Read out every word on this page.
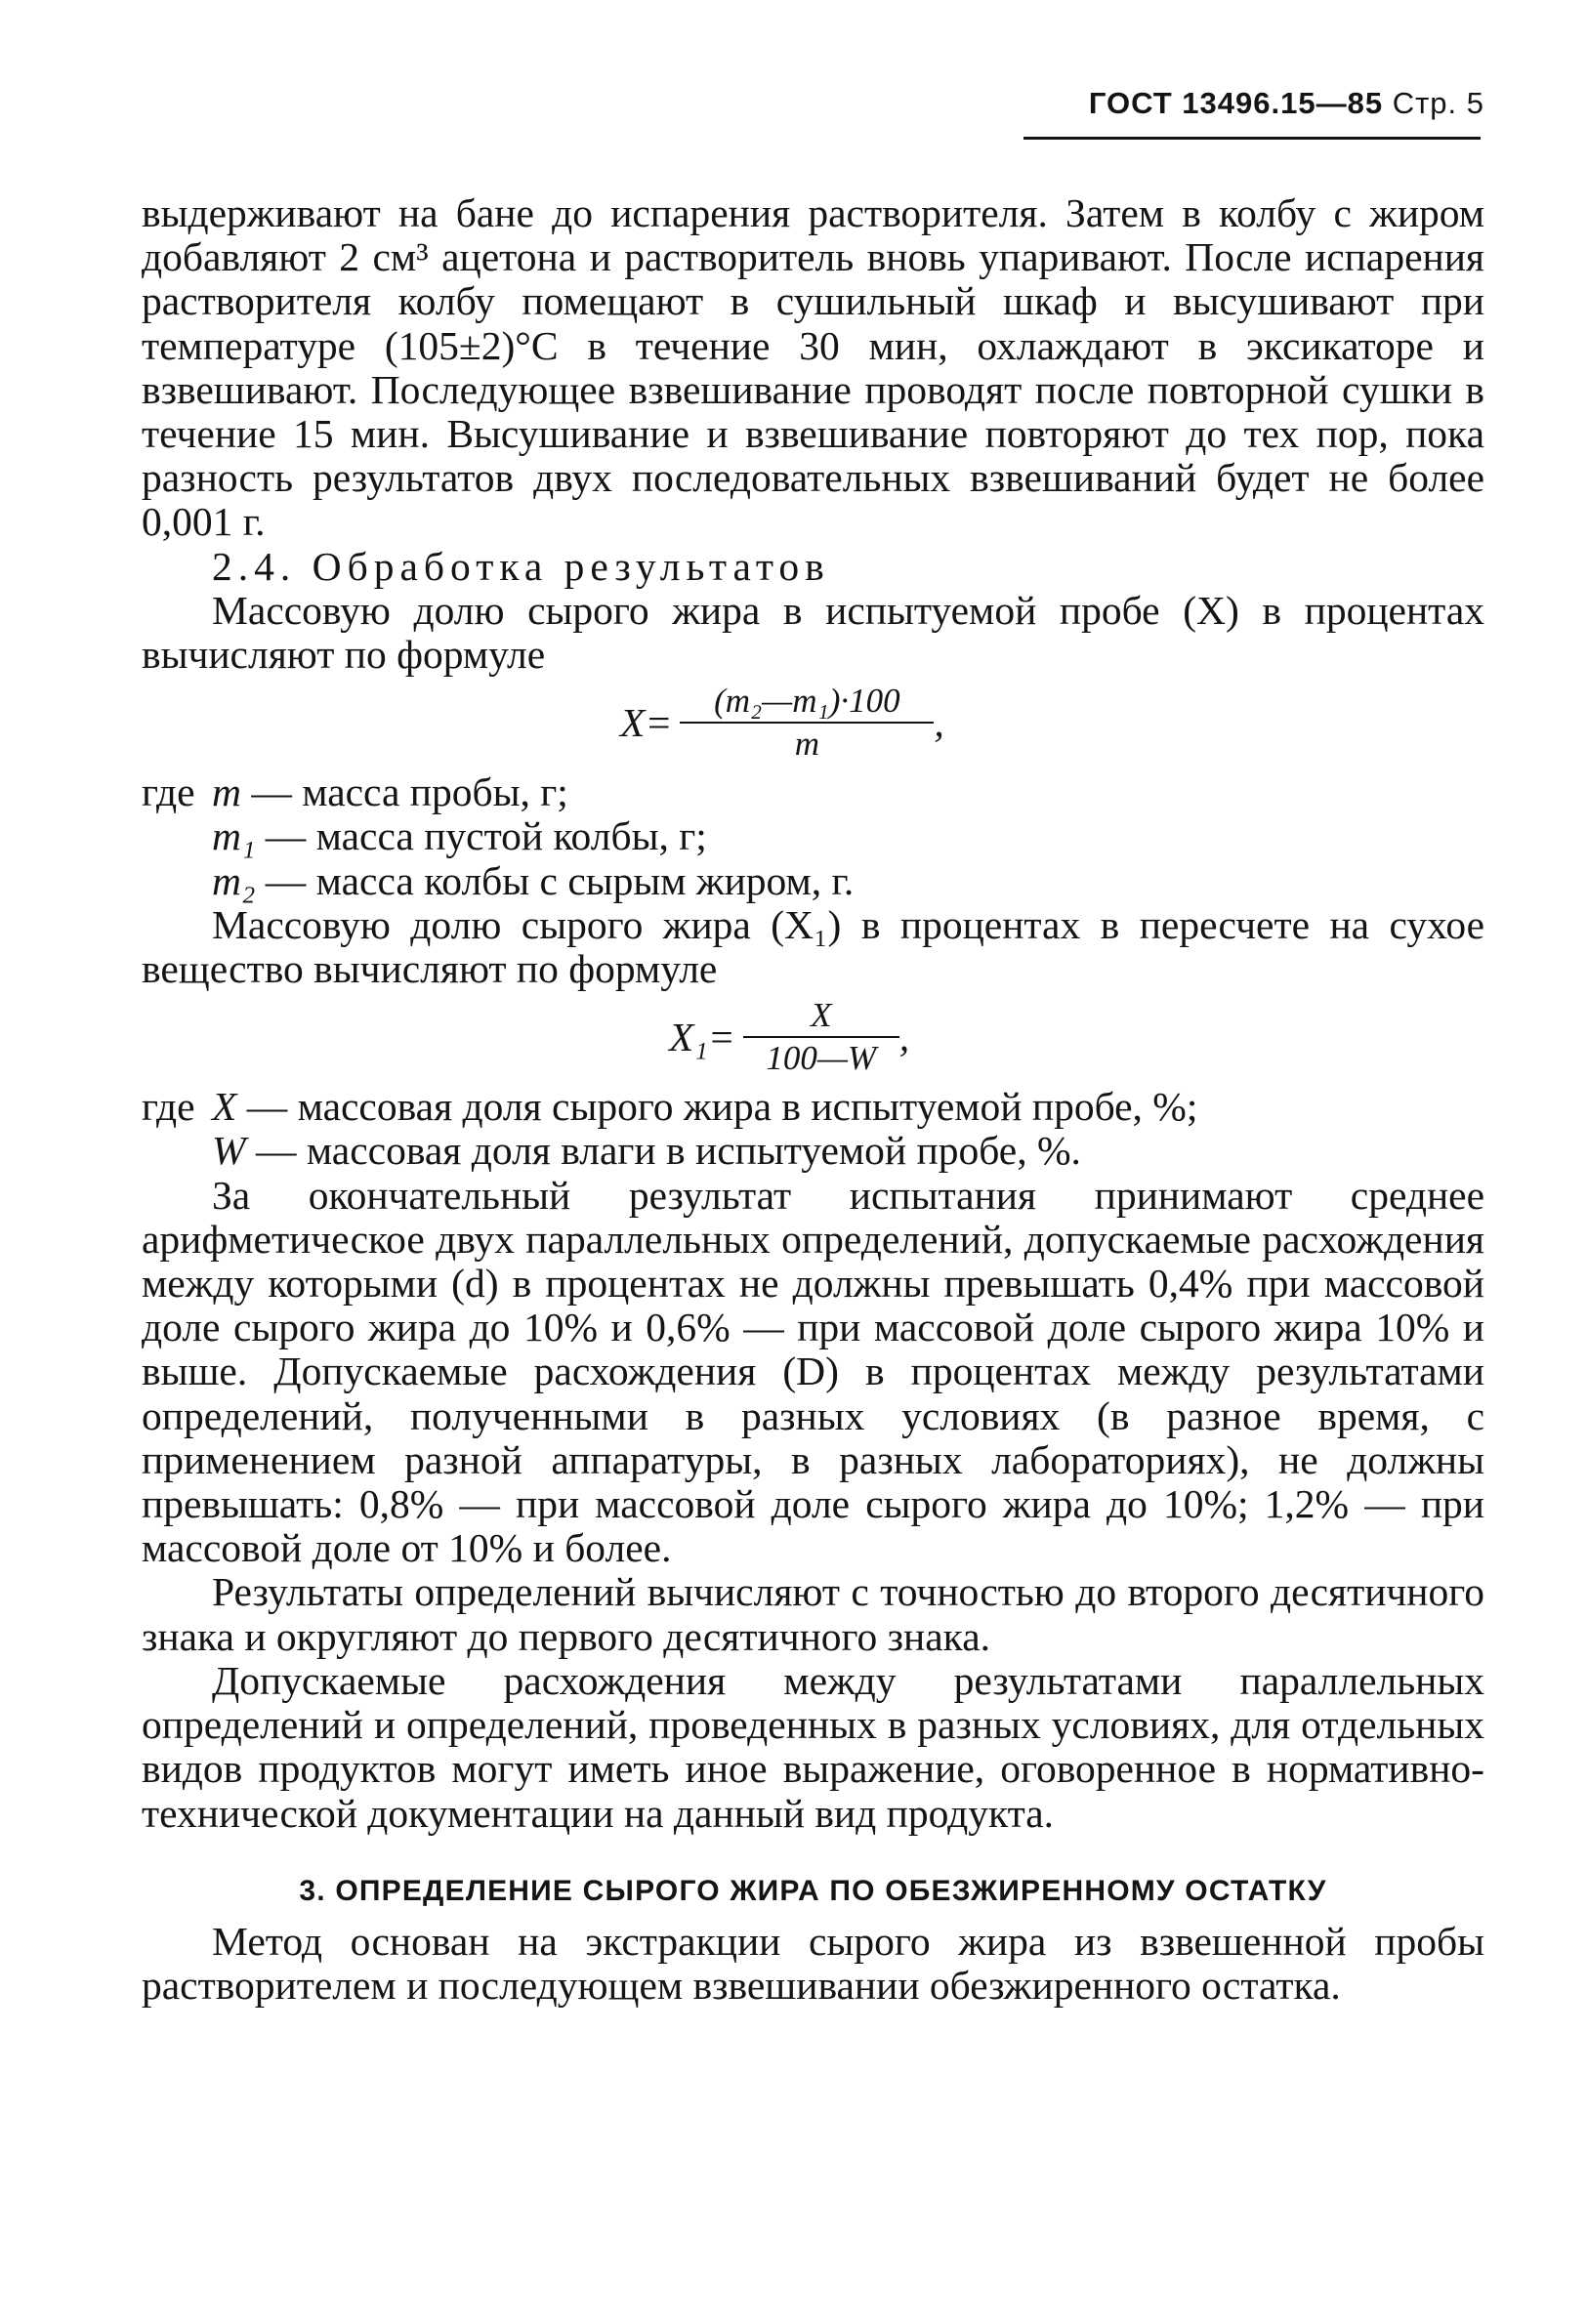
ГОСТ 13496.15—85 Стр. 5

выдерживают на бане до испарения растворителя. Затем в колбу с жиром добавляют 2 см³ ацетона и растворитель вновь упаривают. После испарения растворителя колбу помещают в сушильный шкаф и высушивают при температуре (105±2)°C в течение 30 мин, охлаждают в эксикаторе и взвешивают. Последующее взвешивание проводят после повторной сушки в течение 15 мин. Высушивание и взвешивание повторяют до тех пор, пока разность результатов двух последовательных взвешиваний будет не более 0,001 г.

2.4. Обработка результатов

Массовую долю сырого жира в испытуемой пробе (X) в процентах вычисляют по формуле

$X= \frac{\text{(m₂—m₁)·100}}{m}$ ,
где m
— масса пробы, г;
m₁
— масса пустой колбы, г;
m₂
— масса колбы с сырым жиром, г.

Массовую долю сырого жира (X₁) в процентах в пересчете на сухое вещество вычисляют по формуле

$X_1= \frac{X}{100—W}$ ,
где X
— массовая доля сырого жира в испытуемой пробе, %;
W
— массовая доля влаги в испытуемой пробе, %.

За окончательный результат испытания принимают среднее арифметическое двух параллельных определений, допускаемые расхождения между которыми (d) в процентах не должны превышать 0,4% при массовой доле сырого жира до 10% и 0,6% — при массовой доле сырого жира 10% и выше. Допускаемые расхождения (D) в процентах между результатами определений, полученными в разных условиях (в разное время, с применением разной аппаратуры, в разных лабораториях), не должны превышать: 0,8% — при массовой доле сырого жира до 10%; 1,2% — при массовой доле от 10% и более.

Результаты определений вычисляют с точностью до второго десятичного знака и округляют до первого десятичного знака.

Допускаемые расхождения между результатами параллельных определений и определений, проведенных в разных условиях, для отдельных видов продуктов могут иметь иное выражение, оговоренное в нормативно-технической документации на данный вид продукта.

3. ОПРЕДЕЛЕНИЕ СЫРОГО ЖИРА ПО ОБЕЗЖИРЕННОМУ ОСТАТКУ

Метод основан на экстракции сырого жира из взвешенной пробы растворителем и последующем взвешивании обезжиренного остатка.
